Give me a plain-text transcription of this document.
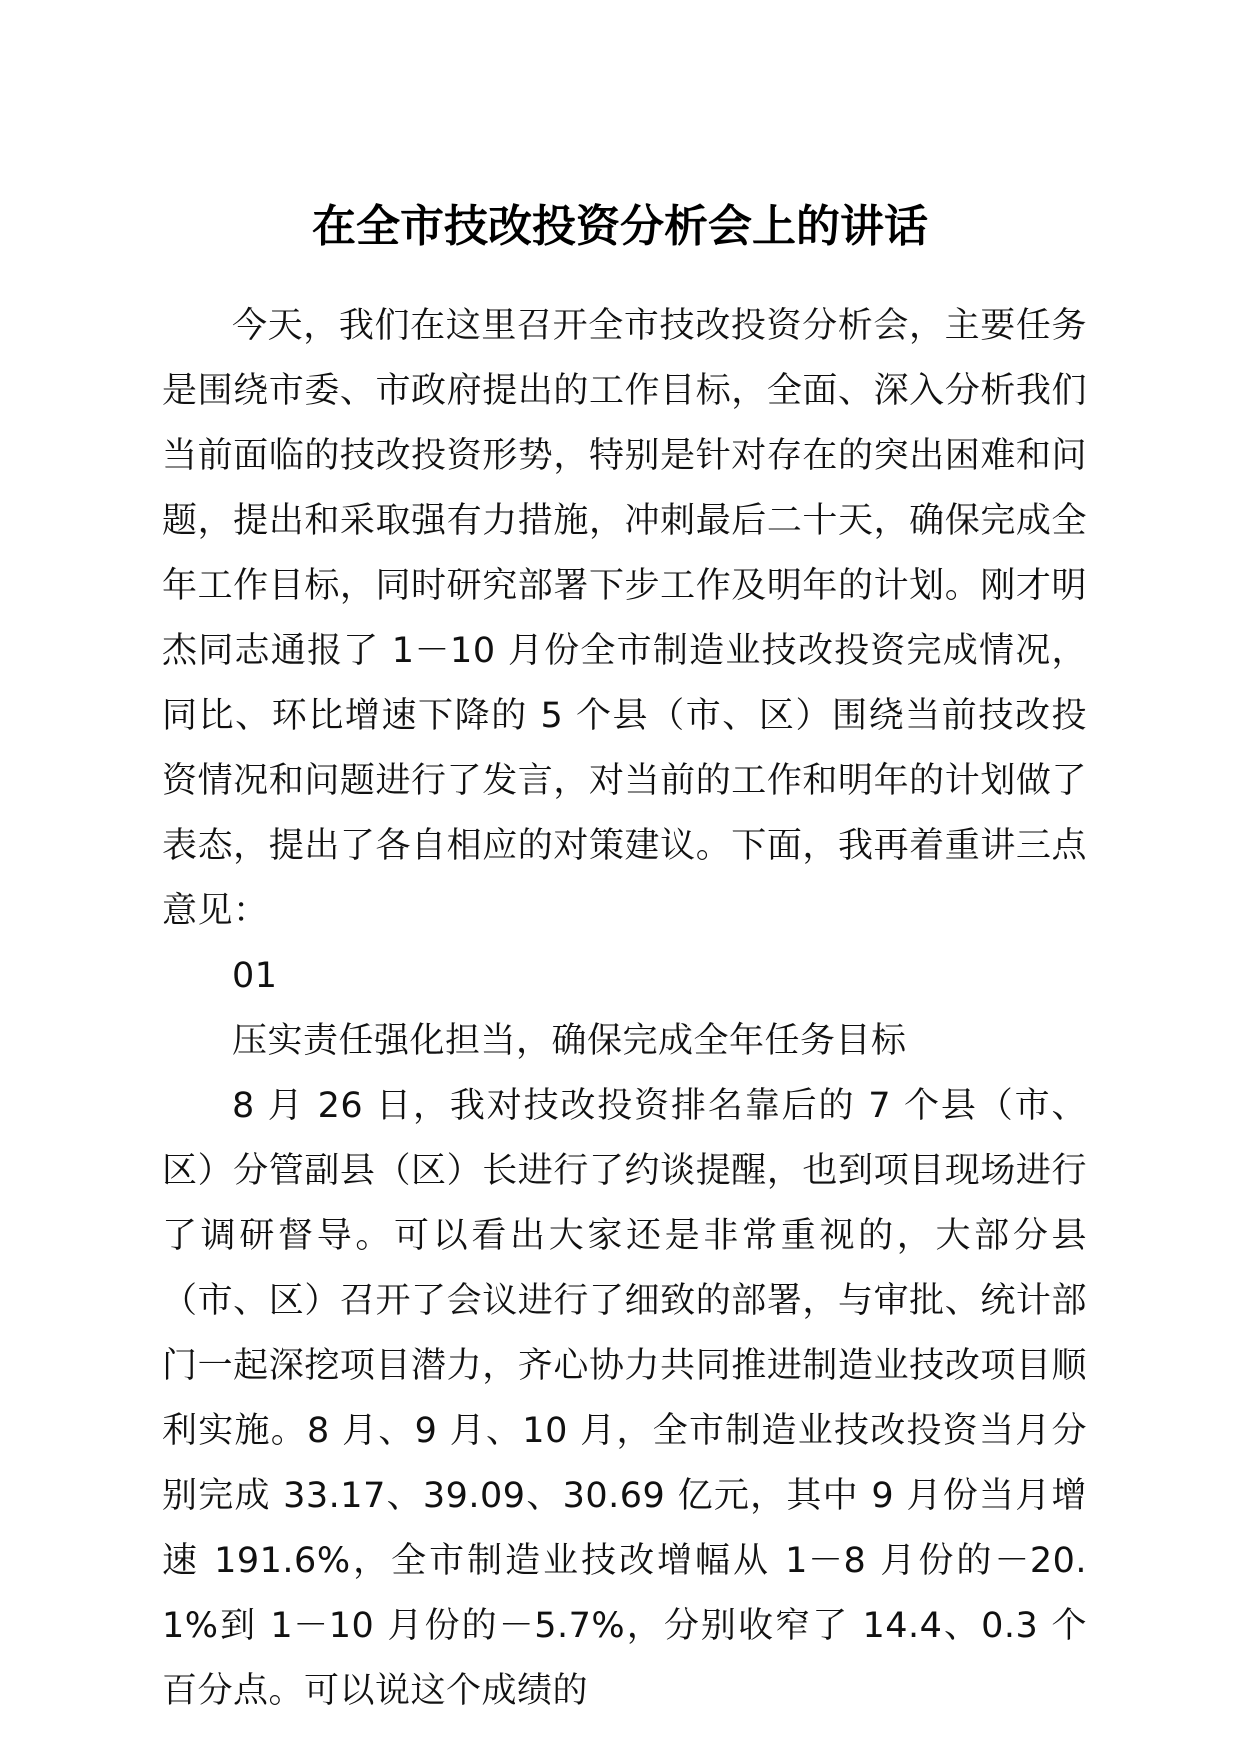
在全市技改投资分析会上的讲话

今天，我们在这里召开全市技改投资分析会，主要任务是围绕市委、市政府提出的工作目标，全面、深入分析我们当前面临的技改投资形势，特别是针对存在的突出困难和问题，提出和采取强有力措施，冲刺最后二十天，确保完成全年工作目标，同时研究部署下步工作及明年的计划。刚才明杰同志通报了 1－10 月份全市制造业技改投资完成情况，同比、环比增速下降的 5 个县（市、区）围绕当前技改投资情况和问题进行了发言，对当前的工作和明年的计划做了表态，提出了各自相应的对策建议。下面，我再着重讲三点意见：

01

压实责任强化担当，确保完成全年任务目标

8 月 26 日，我对技改投资排名靠后的 7 个县（市、区）分管副县（区）长进行了约谈提醒，也到项目现场进行了调研督导。可以看出大家还是非常重视的，大部分县（市、区）召开了会议进行了细致的部署，与审批、统计部门一起深挖项目潜力，齐心协力共同推进制造业技改项目顺利实施。8 月、9 月、10 月，全市制造业技改投资当月分别完成 33.17、39.09、30.69 亿元，其中 9 月份当月增速 191.6%，全市制造业技改增幅从 1－8 月份的－20.1%到 1－10 月份的－5.7%，分别收窄了 14.4、0.3 个百分点。可以说这个成绩的
